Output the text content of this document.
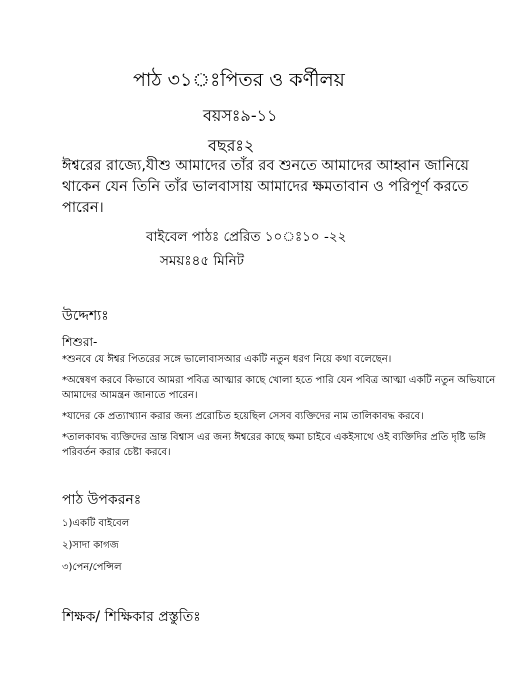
পাঠ ৩১◌ঃপিতর ও কর্ণীলয়
বয়সঃ৯-১১
বছরঃ২
ঈশ্বরের রাজ্যে,যীশু আমাদের তাঁর রব শুনতে আমাদের আহ্বান জানিয়ে থাকেন যেন তিনি তাঁর ভালবাসায় আমাদের ক্ষমতাবান ও পরিপূর্ণ করতে পারেন।
বাইবেল পাঠঃ প্রেরিত ১০◌ঃ১০ -২২
সময়ঃ৪৫ মিনিট
উদ্দেশ্যঃ
শিশুরা-
*শুনবে যে ঈশ্বর পিতরের সঙ্গে ভালোবাসআর একটি নতুন ধরণ নিয়ে কথা বলেছেন।
*অন্বেষণ করবে কিভাবে আমরা পবিত্র আত্মার কাছে খোলা হতে পারি যেন পবিত্র আত্মা একটি নতুন অভিযানে আমাদের আমন্ত্রন জানাতে পারেন।
*যাদের কে প্রত্যাখ্যান করার জন্য প্ররোচিত হয়েছিল সেসব ব্যক্তিদের নাম তালিকাবদ্ধ করবে।
*তালকাবদ্ধ ব্যক্তিদের ভ্রান্ত বিশ্বাস এর জন্য ঈশ্বরের কাছে ক্ষমা চাইবে একইসাথে ওই ব্যক্তিদির প্রতি দৃষ্টি ভঙ্গি পরিবর্তন করার চেষ্টা করবে।
পাঠ উপকরনঃ
১)একটি বাইবেল
২)সাদা কাগজ
৩)পেন/পেন্সিল
শিক্ষক/ শিক্ষিকার প্রস্তুতিঃ
